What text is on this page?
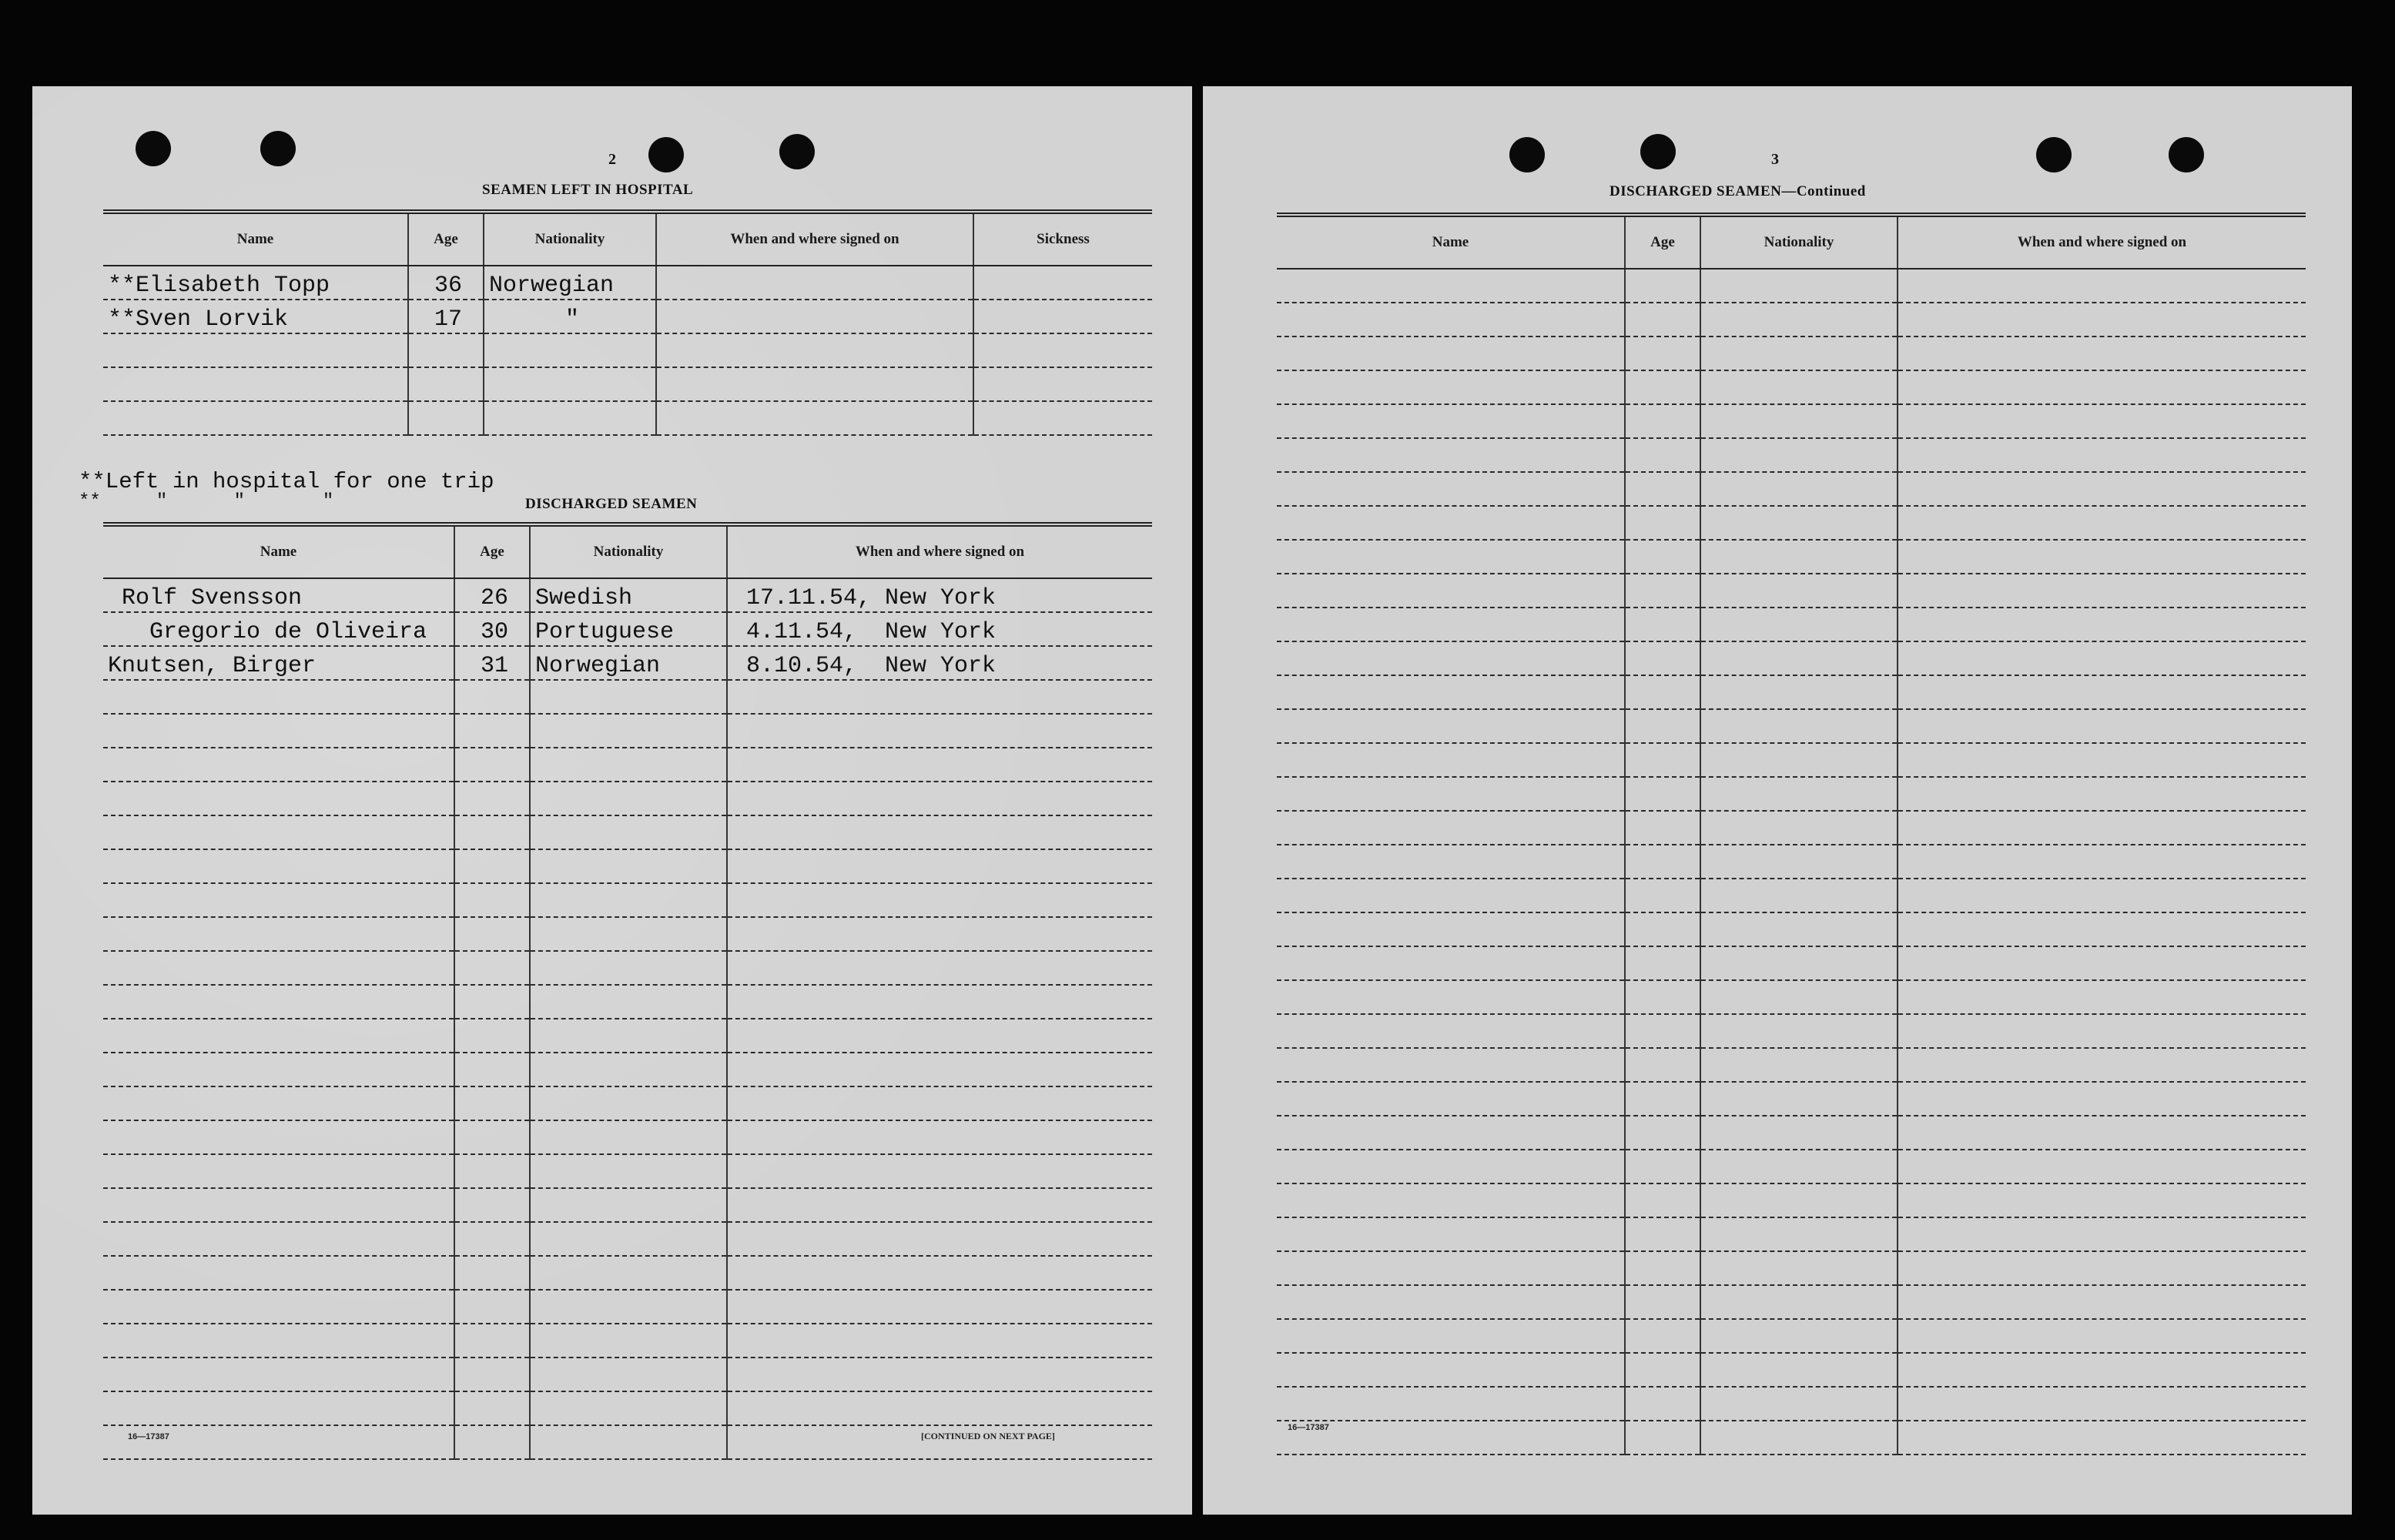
2
SEAMEN LEFT IN HOSPITAL
Name	Age	Nationality	When and where signed on	Sickness
**Elisabeth Topp	36	Norwegian		
**Sven Lorvik	17	"		

**Left in hospital for one trip
**     "      "       "	DISCHARGED SEAMEN
Name	Age	Nationality	When and where signed on
Rolf Svensson	26	Swedish	17.11.54, New York
Gregorio de Oliveira	30	Portuguese	4.11.54,  New York
Knutsen, Birger	31	Norwegian	8.10.54,  New York

16—17387	[CONTINUED ON NEXT PAGE]
3
DISCHARGED SEAMEN—Continued
Name	Age	Nationality	When and where signed on

16—17387
